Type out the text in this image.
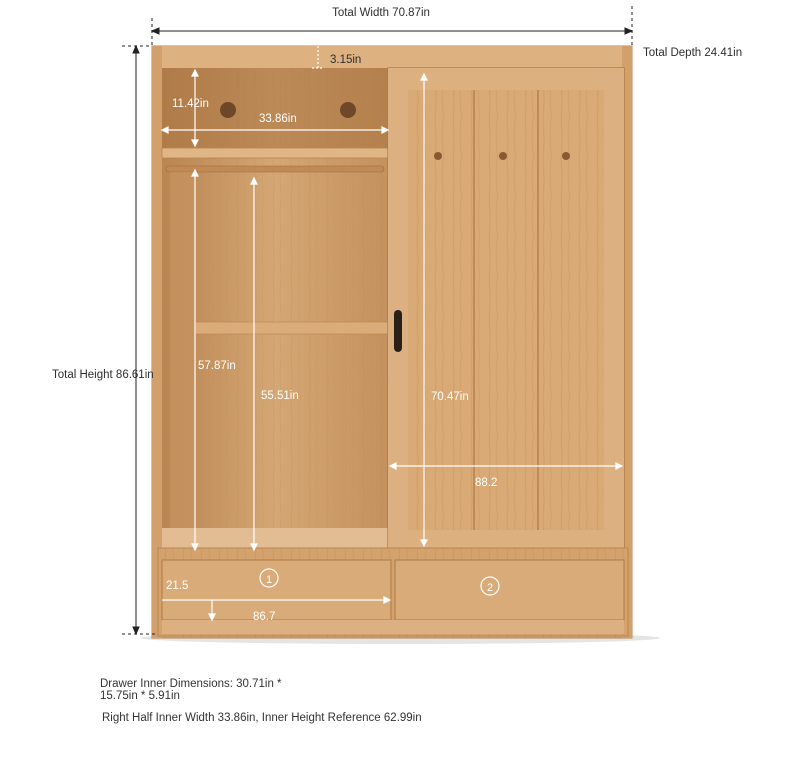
1
2
Total Width 70.87in
Total Depth 24.41in
Total Height 86.61in
3.15in
11.42in
33.86in
57.87in
55.51in	70.47in
88.2
21.5
86.7
Drawer Inner Dimensions: 30.71in * 15.75in * 5.91in
Right Half Inner Width 33.86in, Inner Height Reference 62.99in
